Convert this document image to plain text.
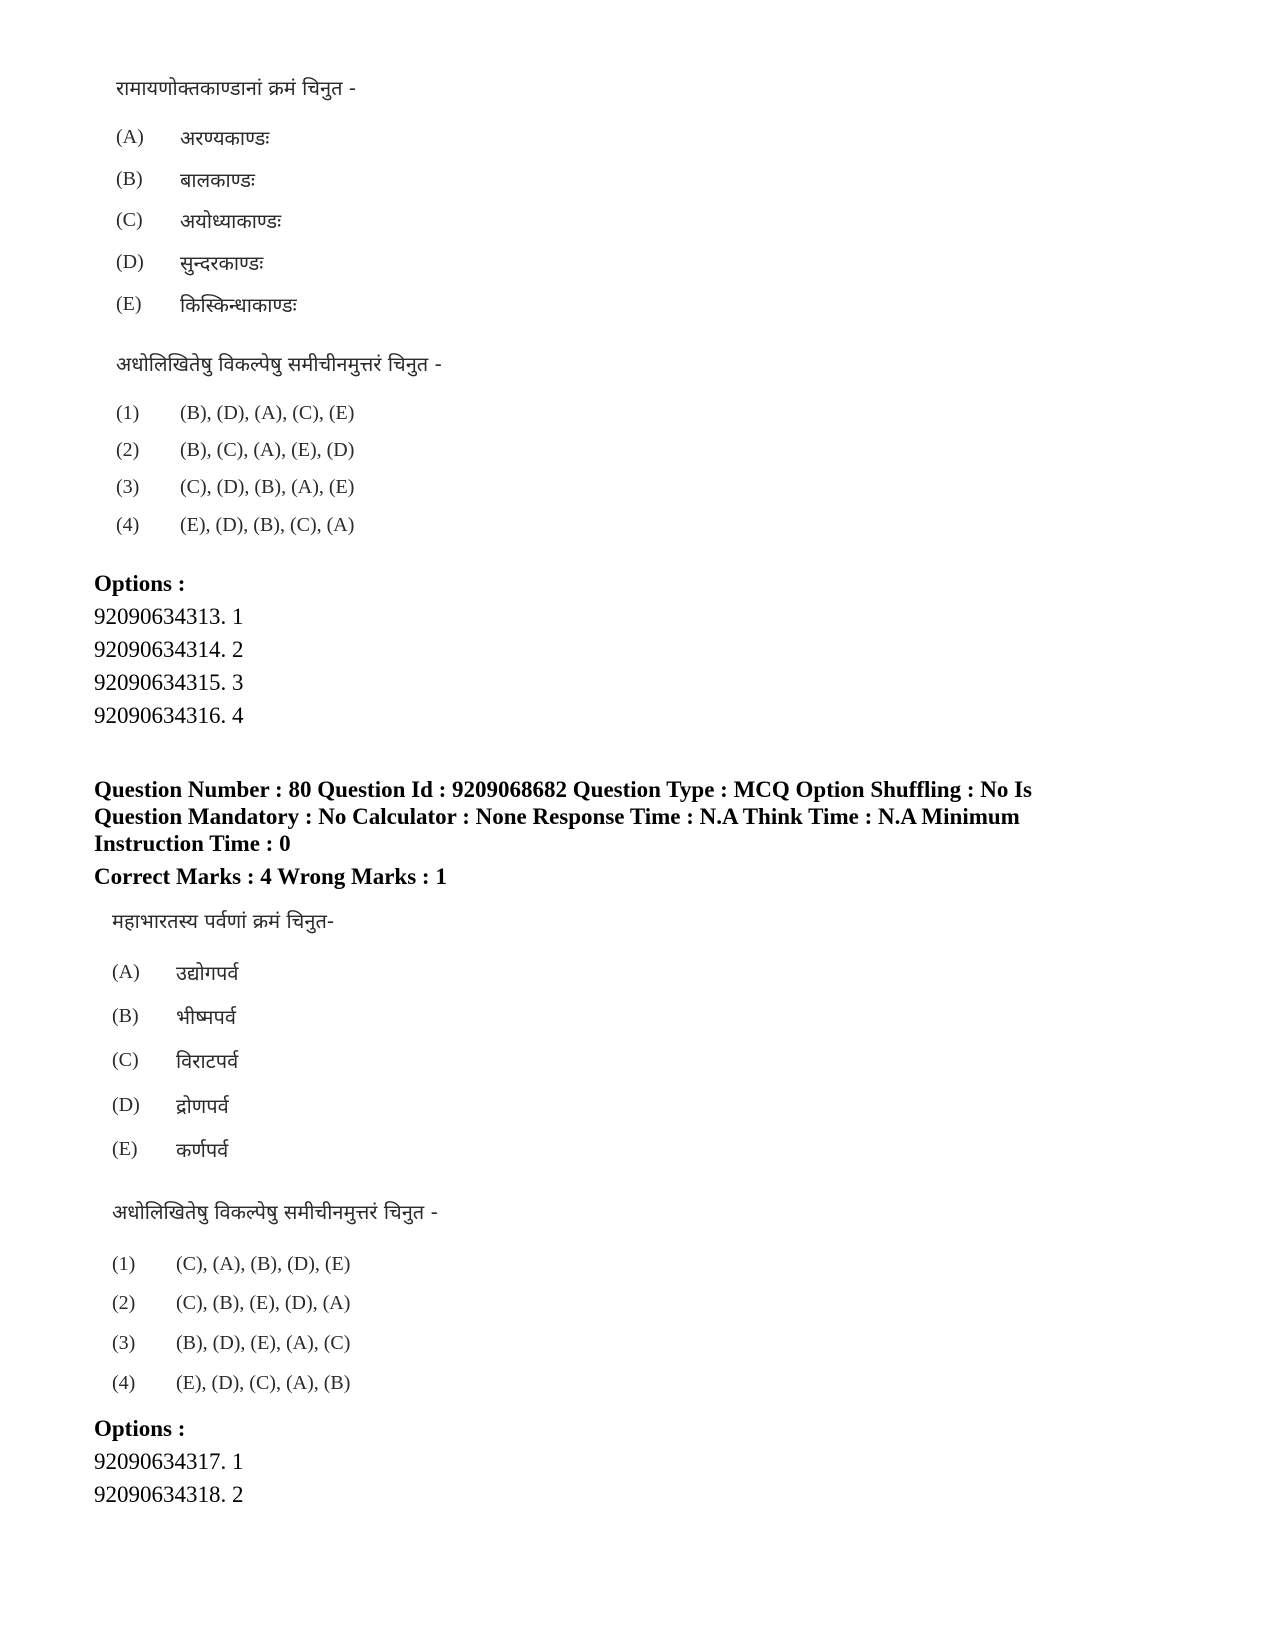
रामायणोक्तकाण्डानां क्रमं चिनुत -
(A) अरण्यकाण्डः
(B) बालकाण्डः
(C) अयोध्याकाण्डः
(D) सुन्दरकाण्डः
(E) किस्किन्धाकाण्डः
अधोलिखितेषु विकल्पेषु समीचीनमुत्तरं चिनुत -
(1) (B), (D), (A), (C), (E)
(2) (B), (C), (A), (E), (D)
(3) (C), (D), (B), (A), (E)
(4) (E), (D), (B), (C), (A)
Options :
92090634313. 1
92090634314. 2
92090634315. 3
92090634316. 4
Question Number : 80 Question Id : 9209068682 Question Type : MCQ Option Shuffling : No Is
Question Mandatory : No Calculator : None Response Time : N.A Think Time : N.A Minimum
Instruction Time : 0
Correct Marks : 4 Wrong Marks : 1
महाभारतस्य पर्वणां क्रमं चिनुत-
(A) उद्योगपर्व
(B) भीष्मपर्व
(C) विराटपर्व
(D) द्रोणपर्व
(E) कर्णपर्व
अधोलिखितेषु विकल्पेषु समीचीनमुत्तरं चिनुत -
(1) (C), (A), (B), (D), (E)
(2) (C), (B), (E), (D), (A)
(3) (B), (D), (E), (A), (C)
(4) (E), (D), (C), (A), (B)
Options :
92090634317. 1
92090634318. 2
